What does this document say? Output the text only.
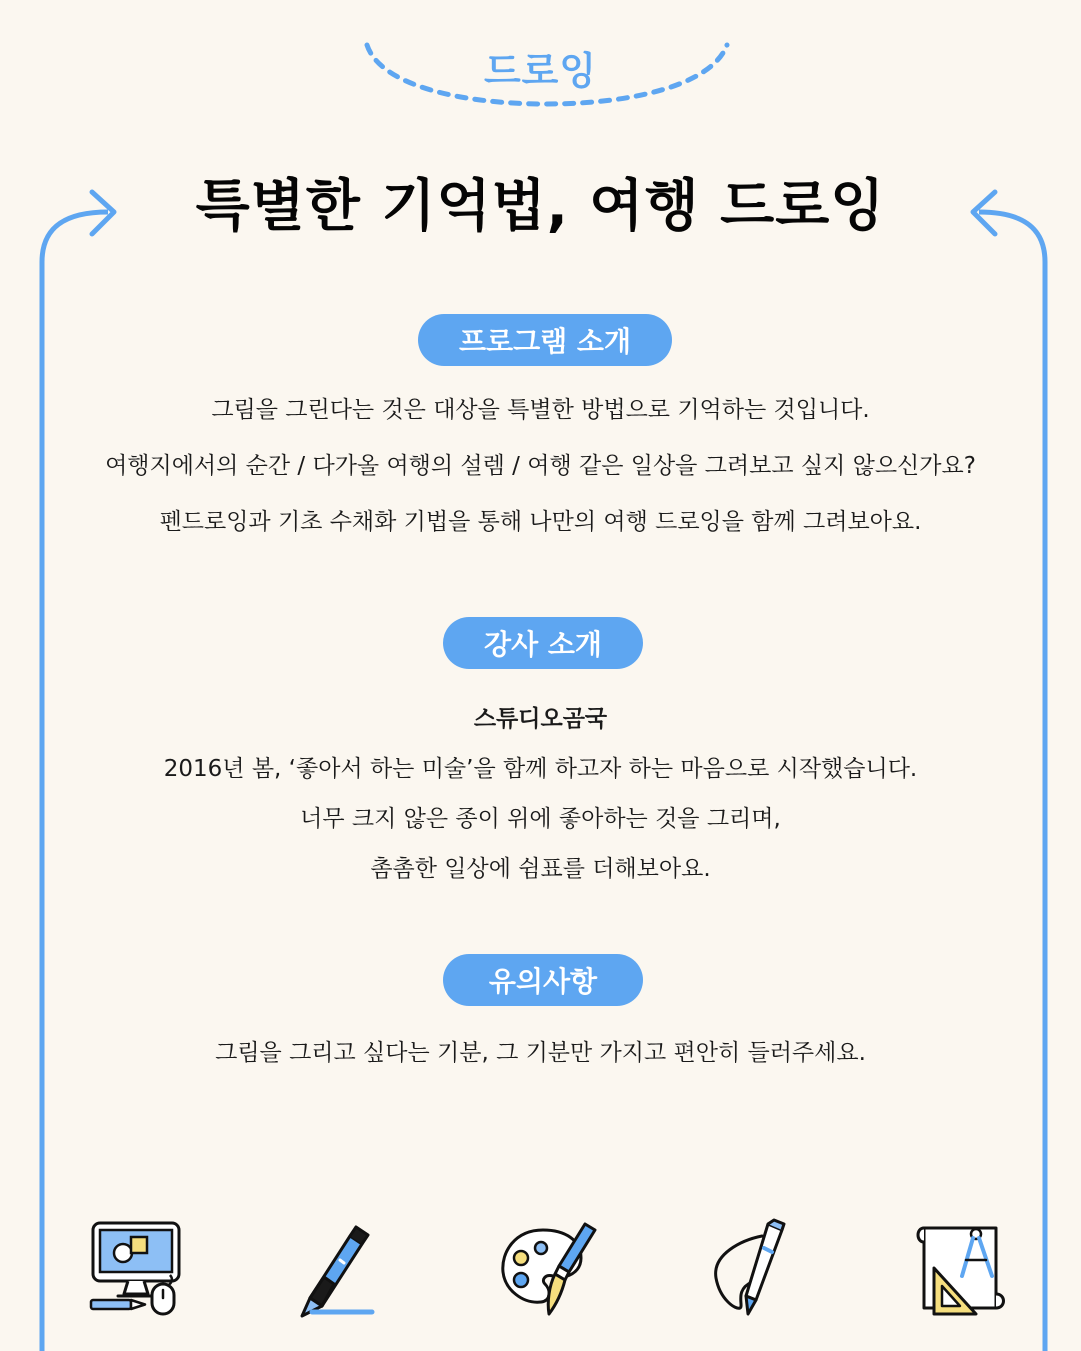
드로잉
특별한 기억법, 여행 드로잉
프로그램 소개
그림을 그린다는 것은 대상을 특별한 방법으로 기억하는 것입니다.
여행지에서의 순간 / 다가올 여행의 설렘 / 여행 같은 일상을 그려보고 싶지 않으신가요?
펜드로잉과 기초 수채화 기법을 통해 나만의 여행 드로잉을 함께 그려보아요.
강사 소개
스튜디오곰국
2016년 봄, ‘좋아서 하는 미술’을 함께 하고자 하는 마음으로 시작했습니다.
너무 크지 않은 종이 위에 좋아하는 것을 그리며,
촘촘한 일상에 쉼표를 더해보아요.
유의사항
그림을 그리고 싶다는 기분, 그 기분만 가지고 편안히 들러주세요.
